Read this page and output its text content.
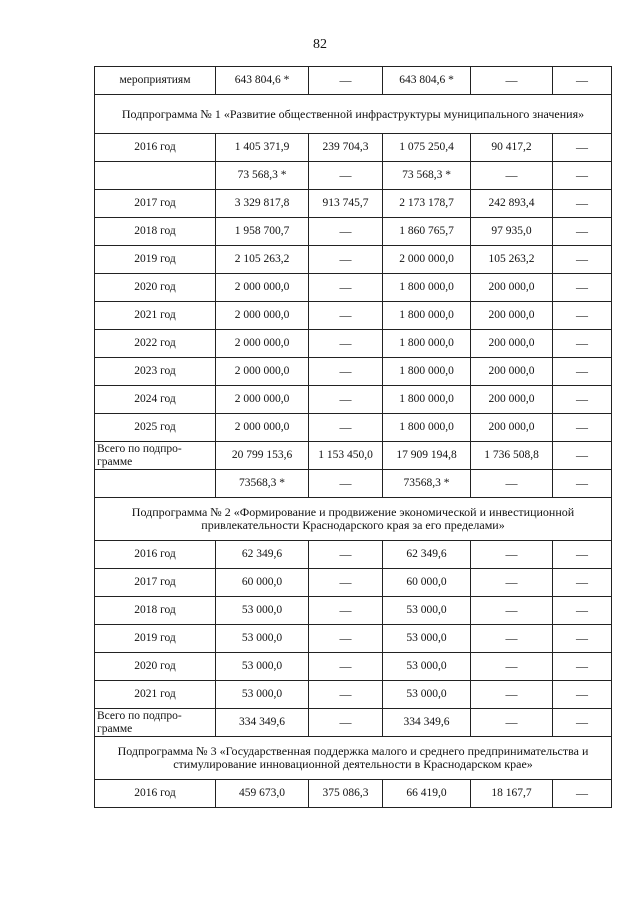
82
мероприятиям	643 804,6 *	—	643 804,6 *	—	—
Подпрограмма № 1 «Развитие общественной инфраструктуры муниципального значения»					
2016 год	1 405 371,9	239 704,3	1 075 250,4	90 417,2	—
	73 568,3 *	—	73 568,3 *	—	—
2017 год	3 329 817,8	913 745,7	2 173 178,7	242 893,4	—
2018 год	1 958 700,7	—	1 860 765,7	97 935,0	—
2019 год	2 105 263,2	—	2 000 000,0	105 263,2	—
2020 год	2 000 000,0	—	1 800 000,0	200 000,0	—
2021 год	2 000 000,0	—	1 800 000,0	200 000,0	—
2022 год	2 000 000,0	—	1 800 000,0	200 000,0	—
2023 год	2 000 000,0	—	1 800 000,0	200 000,0	—
2024 год	2 000 000,0	—	1 800 000,0	200 000,0	—
2025 год	2 000 000,0	—	1 800 000,0	200 000,0	—
Всего по подпро-грамме	20 799 153,6	1 153 450,0	17 909 194,8	1 736 508,8	—
	73568,3 *	—	73568,3 *	—	—
Подпрограмма № 2 «Формирование и продвижение экономической и инвестиционной привлекательности Краснодарского края за его пределами»					
2016 год	62 349,6	—	62 349,6	—	—
2017 год	60 000,0	—	60 000,0	—	—
2018 год	53 000,0	—	53 000,0	—	—
2019 год	53 000,0	—	53 000,0	—	—
2020 год	53 000,0	—	53 000,0	—	—
2021 год	53 000,0	—	53 000,0	—	—
Всего по подпро-грамме	334 349,6	—	334 349,6	—	—
Подпрограмма № 3 «Государственная поддержка малого и среднего предпринимательства и стимулирование инновационной деятельности в Краснодарском крае»					
2016 год	459 673,0	375 086,3	66 419,0	18 167,7	—
